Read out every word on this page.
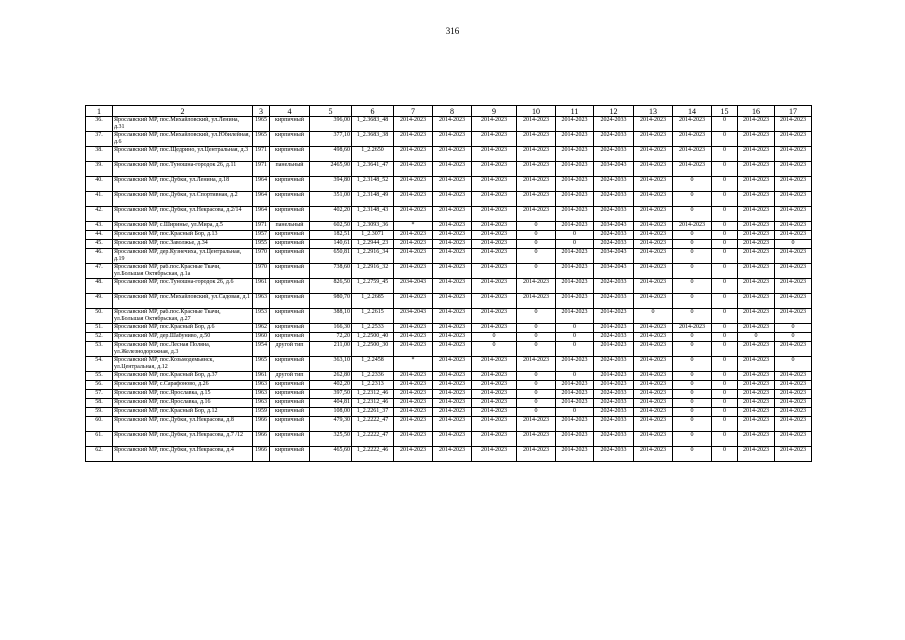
316
1	2	3	4	5	6	7	8	9	10	11	12	13	14	15	16	17
36.	Ярославский МР, пос.Михайловский, ул.Ленина, д.31	1965	кирпичный	396,00	1_2.3683_48	2014-2023	2014-2023	2014-2023	2014-2023	2014-2023	2024-2033	2014-2023	2014-2023	0	2014-2023	2014-2023
37.	Ярославский МР, пос.Михайловский, ул.Юбилейная, д.6	1965	кирпичный	377,10	1_2.3683_38	2014-2023	2014-2023	2014-2023	2014-2023	2014-2023	2024-2033	2014-2023	2014-2023	0	2014-2023	2014-2023
38.	Ярославский МР, пос.Щедрино, ул.Центральная, д.3	1971	кирпичный	498,60	1_2.2650	2014-2023	2014-2023	2014-2023	2014-2023	2014-2023	2024-2033	2014-2023	2014-2023	0	2014-2023	2014-2023
39.	Ярославский МР, пос.Туношна-городок 26, д.11	1971	панельный	2465,90	1_2.3641_47	2014-2023	2014-2023	2014-2023	2014-2023	2014-2023	2034-2043	2014-2023	2014-2023	0	2014-2023	2014-2023
40.	Ярославский МР, пос.Дубки, ул.Ленина, д.18	1964	кирпичный	394,80	1_2.3148_52	2014-2023	2014-2023	2014-2023	2014-2023	2014-2023	2024-2033	2014-2023	0	0	2014-2023	2014-2023
41.	Ярославский МР, пос.Дубки, ул.Спортивная, д.2	1964	кирпичный	351,00	1_2.3148_49	2014-2023	2014-2023	2014-2023	2014-2023	2014-2023	2024-2033	2014-2023	0	0	2014-2023	2014-2023
42.	Ярославский МР, пос.Дубки, ул.Некрасова, д.2/14	1964	кирпичный	402,20	1_2.3148_43	2014-2023	2014-2023	2014-2023	2014-2023	2014-2023	2024-2033	2014-2023	0	0	2014-2023	2014-2023
43.	Ярославский МР, с.Ширинье, ул.Мира, д.5	1971	панельный	602,50	1_2.3093_36	*	2014-2023	2014-2023	0	2014-2023	2034-2043	2014-2023	2014-2023	0	2014-2023	2014-2023
44.	Ярославский МР, пос.Красный Бор, д.13	1957	кирпичный	182,51	1_2.3071	2014-2023	2014-2023	2014-2023	0	0	2024-2033	2014-2023	0	0	2014-2023	2014-2023
45.	Ярославский МР, пос.Заволжье, д.34	1955	кирпичный	140,61	1_2.2944_23	2014-2023	2014-2023	2014-2023	0	0	2024-2033	2014-2023	0	0	2014-2023	0
46.	Ярославский МР, дер.Кузнечиха, ул.Центральная, д.19	1970	кирпичный	650,81	1_2.2916_34	2014-2023	2014-2023	2014-2023	0	2014-2023	2034-2043	2014-2023	0	0	2014-2023	2014-2023
47.	Ярославский МР, раб.пос.Красные Ткачи, ул.Большая Октябрьская, д.1а	1970	кирпичный	738,60	1_2.2916_32	2014-2023	2014-2023	2014-2023	0	2014-2023	2034-2043	2014-2023	0	0	2014-2023	2014-2023
48.	Ярославский МР, пос.Туношна-городок 26, д.6	1961	кирпичный	826,50	1_2.2759_45	2034-2043	2014-2023	2014-2023	2014-2023	2014-2023	2024-2033	2014-2023	0	0	2014-2023	2014-2023
49.	Ярославский МР, пос.Михайловский, ул.Садовая, д.1	1963	кирпичный	980,70	1_2.2685	2014-2023	2014-2023	2014-2023	2014-2023	2014-2023	2024-2033	2014-2023	0	0	2014-2023	2014-2023
50.	Ярославский МР, раб.пос.Красные Ткачи, ул.Большая Октябрьская, д.27	1953	кирпичный	388,10	1_2.2615	2034-2043	2014-2023	2014-2023	0	2014-2023	2014-2023	0	0	0	2014-2023	2014-2023
51.	Ярославский МР, пос.Красный Бор, д.6	1962	кирпичный	166,30	1_2.2533	2014-2023	2014-2023	2014-2023	0	0	2014-2023	2014-2023	2014-2023	0	2014-2023	0
52.	Ярославский МР, дер.Шабуниво, д.50	1960	кирпичный	72,20	1_2.2500_40	2014-2023	2014-2023	0	0	0	2024-2033	2014-2023	0	0	0	0
53.	Ярославский МР, пос.Лесная Поляна, ул.Железнодорожная, д.3	1954	другой тип	211,00	1_2.2500_30	2014-2023	2014-2023	0	0	0	2014-2023	2014-2023	0	0	2014-2023	2014-2023
54.	Ярославский МР, пос.Козьмодемьянск, ул.Центральная, д.12	1965	кирпичный	363,10	1_2.2458	*	2014-2023	2014-2023	2014-2023	2014-2023	2024-2033	2014-2023	0	0	2014-2023	0
55.	Ярославский МР, пос.Красный Бор, д.37	1961	другой тип	262,80	1_2.2336	2014-2023	2014-2023	2014-2023	0	0	2014-2023	2014-2023	0	0	2014-2023	2014-2023
56.	Ярославский МР, с.Сарафоново, д.26	1963	кирпичный	402,20	1_2.2313	2014-2023	2014-2023	2014-2023	0	2014-2023	2014-2023	2014-2023	0	0	2014-2023	2014-2023
57.	Ярославский МР, пос.Ярославка, д.15	1963	кирпичный	397,50	1_2.2312_46	2014-2023	2014-2023	2014-2023	0	2014-2023	2024-2033	2014-2023	0	0	2014-2023	2014-2023
58.	Ярославский МР, пос.Ярославка, д.16	1963	кирпичный	404,81	1_2.2312_46	2014-2023	2014-2023	2014-2023	0	2014-2023	2024-2033	2014-2023	0	0	2014-2023	2014-2023
59.	Ярославский МР, пос.Красный Бор, д.12	1959	кирпичный	108,00	1_2.2261_37	2014-2023	2014-2023	2014-2023	0	0	2024-2033	2014-2023	0	0	2014-2023	2014-2023
60.	Ярославский МР, пос.Дубки, ул.Некрасова, д.8	1966	кирпичный	479,30	1_2.2222_47	2014-2023	2014-2023	2014-2023	2014-2023	2014-2023	2024-2033	2014-2023	0	0	2014-2023	2014-2023
61.	Ярославский МР, пос.Дубки, ул.Некрасова, д.7 /12	1966	кирпичный	325,50	1_2.2222_47	2014-2023	2014-2023	2014-2023	2014-2023	2014-2023	2024-2033	2014-2023	0	0	2014-2023	2014-2023
62.	Ярославский МР, пос.Дубки, ул.Некрасова, д.4	1966	кирпичный	465,60	1_2.2222_46	2014-2023	2014-2023	2014-2023	2014-2023	2014-2023	2024-2033	2014-2023	0	0	2014-2023	2014-2023
